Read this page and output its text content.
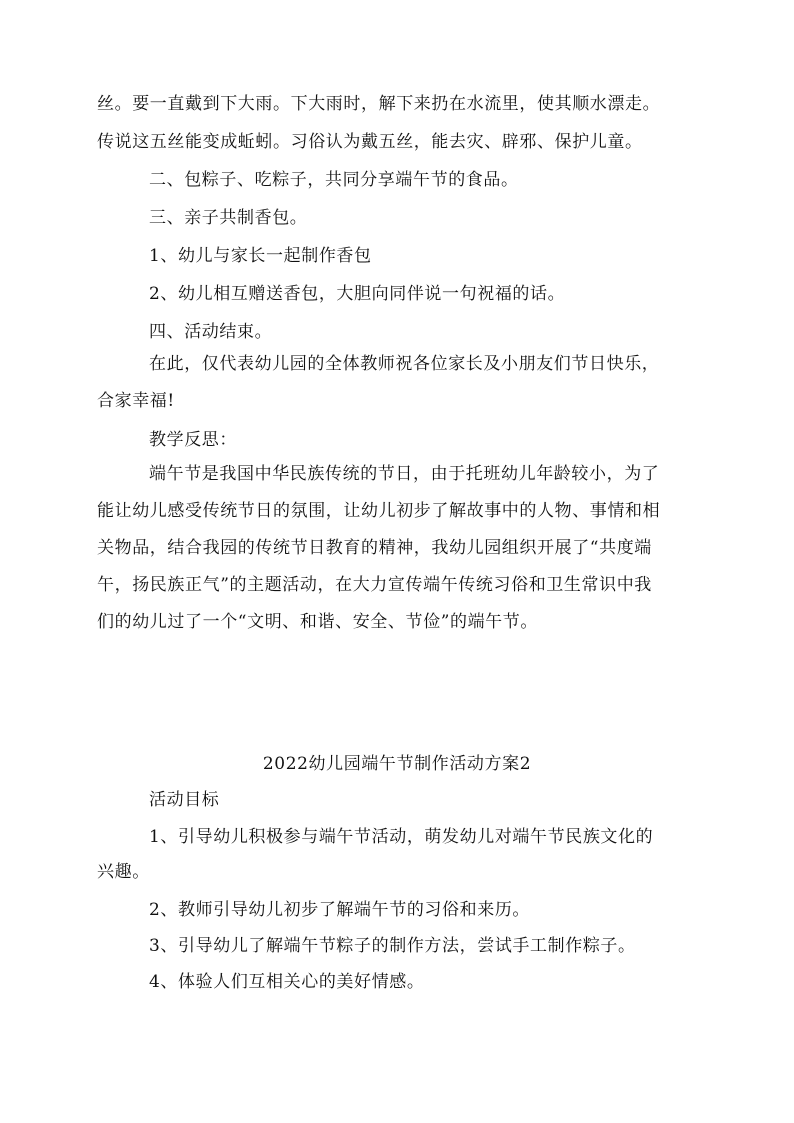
丝。要一直戴到下大雨。下大雨时，解下来扔在水流里，使其顺水漂走。
传说这五丝能变成蚯蚓。习俗认为戴五丝，能去灾、辟邪、保护儿童。
二、包粽子、吃粽子，共同分享端午节的食品。
三、亲子共制香包。
1、幼儿与家长一起制作香包
2、幼儿相互赠送香包，大胆向同伴说一句祝福的话。
四、活动结束。
在此，仅代表幼儿园的全体教师祝各位家长及小朋友们节日快乐，
合家幸福!
教学反思：
端午节是我国中华民族传统的节日，由于托班幼儿年龄较小，为了
能让幼儿感受传统节日的氛围，让幼儿初步了解故事中的人物、事情和相
关物品，结合我园的传统节日教育的精神，我幼儿园组织开展了“共度端
午，扬民族正气”的主题活动，在大力宣传端午传统习俗和卫生常识中我
们的幼儿过了一个“文明、和谐、安全、节俭”的端午节。
2022幼儿园端午节制作活动方案2
活动目标
1、引导幼儿积极参与端午节活动，萌发幼儿对端午节民族文化的
兴趣。
2、教师引导幼儿初步了解端午节的习俗和来历。
3、引导幼儿了解端午节粽子的制作方法，尝试手工制作粽子。
4、体验人们互相关心的美好情感。
